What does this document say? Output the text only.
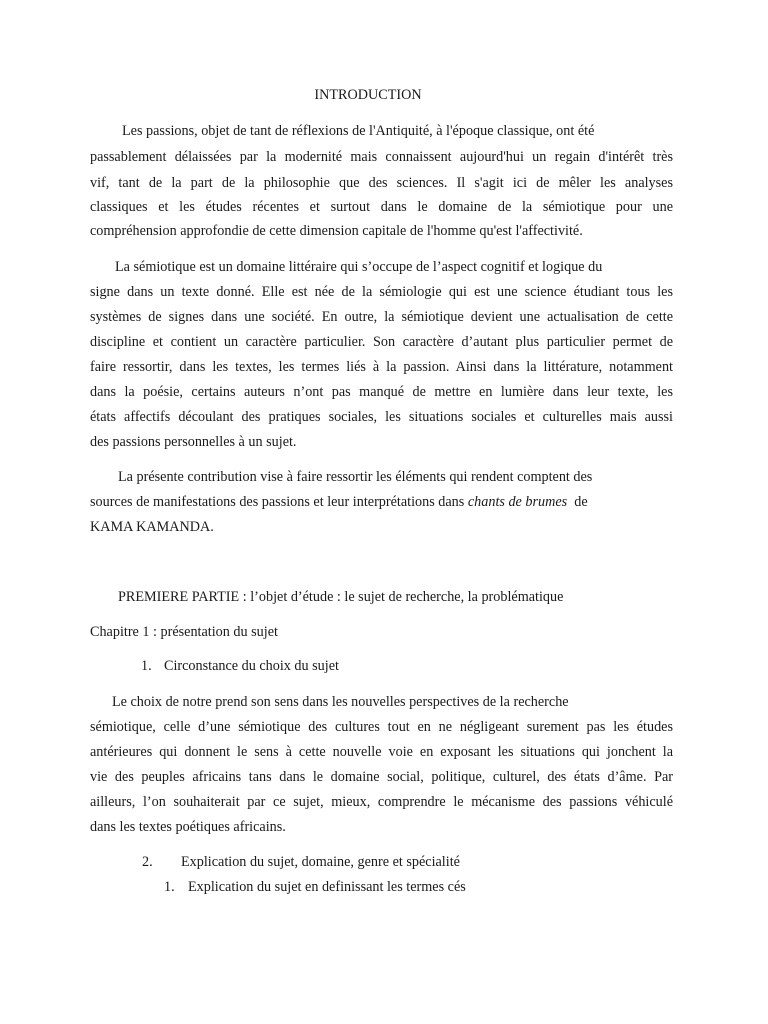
INTRODUCTION

Les passions, objet de tant de réflexions de l'Antiquité, à l'époque classique, ont été

passablement délaissées par la modernité mais connaissent aujourd'hui un regain d'intérêt très

vif, tant de la part de la philosophie que des sciences. Il s'agit ici de mêler les analyses

classiques et les études récentes et surtout dans le domaine de la sémiotique pour une

compréhension approfondie de cette dimension capitale de l'homme qu'est l'affectivité.

La sémiotique est un domaine littéraire qui s’occupe de l’aspect cognitif et logique du

signe dans un texte donné. Elle est née de la sémiologie qui est une science étudiant tous les

systèmes de signes dans une société. En outre, la sémiotique devient une actualisation de cette

discipline et contient un caractère particulier. Son caractère d’autant plus particulier permet de

faire ressortir, dans les textes, les termes liés à la passion. Ainsi dans la littérature, notamment

dans la poésie, certains auteurs n’ont pas manqué de mettre en lumière dans leur texte, les

états affectifs découlant des pratiques sociales, les situations sociales et culturelles mais aussi

des passions personnelles à un sujet.

La présente contribution vise à faire ressortir les éléments qui rendent comptent des

sources de manifestations des passions et leur interprétations dans chants de brumes  de

KAMA KAMANDA.

PREMIERE PARTIE : l’objet d’étude : le sujet de recherche, la problématique

Chapitre 1 : présentation du sujet

1. Circonstance du choix du sujet

Le choix de notre prend son sens dans les nouvelles perspectives de la recherche

sémiotique, celle d’une sémiotique des cultures tout en ne négligeant surement pas les études

antérieures qui donnent le sens à cette nouvelle voie en exposant les situations qui jonchent la

vie des peuples africains tans dans le domaine social, politique, culturel, des états d’âme. Par

ailleurs, l’on souhaiterait par ce sujet, mieux, comprendre le mécanisme des passions véhiculé

dans les textes poétiques africains.

2. Explication du sujet, domaine, genre et spécialité

1. Explication du sujet en definissant les termes cés
